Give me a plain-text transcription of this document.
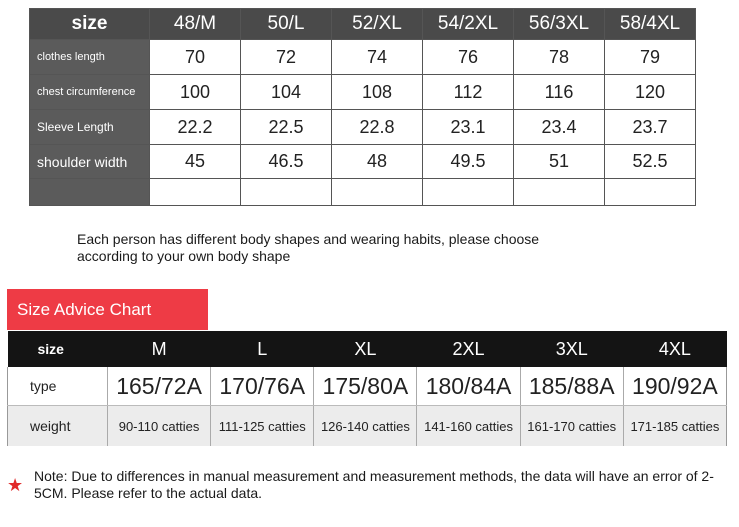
size	48/M	50/L	52/XL	54/2XL	56/3XL	58/4XL
clothes length	70	72	74	76	78	79
chest circumference	100	104	108	112	116	120
Sleeve Length	22.2	22.5	22.8	23.1	23.4	23.7
shoulder width	45	46.5	48	49.5	51	52.5

Each person has different body shapes and wearing habits, please choose according to your own body shape
Size Advice Chart
size	M	L	XL	2XL	3XL	4XL
type	165/72A	170/76A	175/80A	180/84A	185/88A	190/92A
weight	90-110 catties	111-125 catties	126-140 catties	141-160 catties	161-170 catties	171-185 catties
★ Note: Due to differences in manual measurement and measurement methods, the data will have an error of 2-5CM. Please refer to the actual data.
